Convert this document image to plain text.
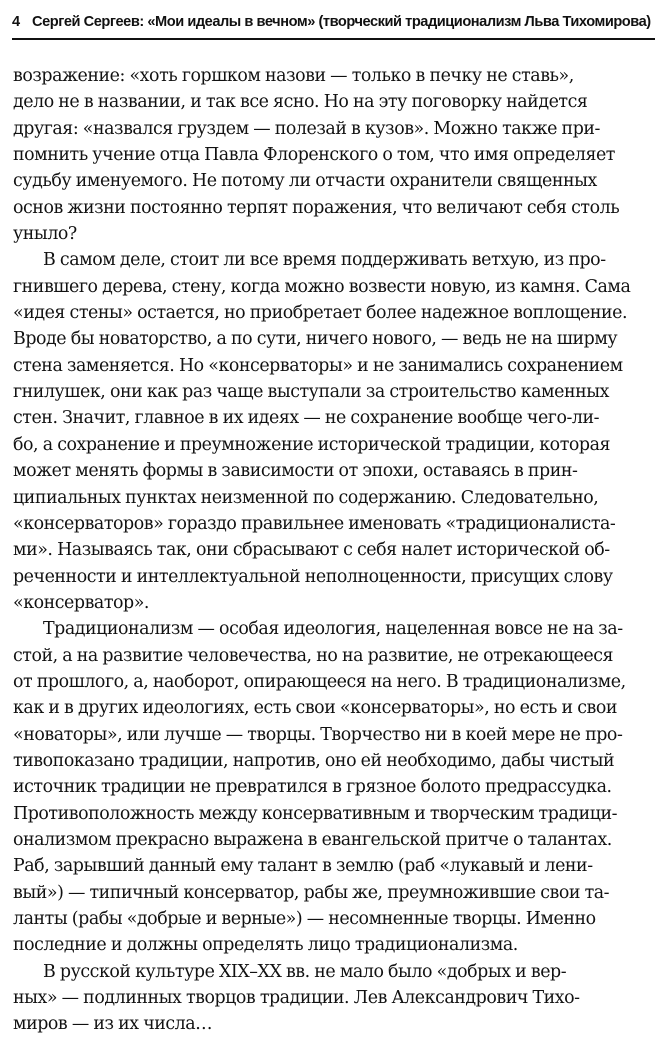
4 Сергей Сергеев: «Мои идеалы в вечном» (творческий традиционализм Льва Тихомирова)
возражение: «хоть горшком назови — только в печку не ставь»,
дело не в названии, и так все ясно. Но на эту поговорку найдется
другая: «назвался груздем — полезай в кузов». Можно также при-
помнить учение отца Павла Флоренского о том, что имя определяет
судьбу именуемого. Не потому ли отчасти охранители священных
основ жизни постоянно терпят поражения, что величают себя столь
уныло?
В самом деле, стоит ли все время поддерживать ветхую, из про-
гнившего дерева, стену, когда можно возвести новую, из камня. Сама
«идея стены» остается, но приобретает более надежное воплощение.
Вроде бы новаторство, а по сути, ничего нового, — ведь не на ширму
стена заменяется. Но «консерваторы» и не занимались сохранением
гнилушек, они как раз чаще выступали за строительство каменных
стен. Значит, главное в их идеях — не сохранение вообще чего-ли-
бо, а сохранение и преумножение исторической традиции, которая
может менять формы в зависимости от эпохи, оставаясь в прин-
ципиальных пунктах неизменной по содержанию. Следовательно,
«консерваторов» гораздо правильнее именовать «традиционалиста-
ми». Называясь так, они сбрасывают с себя налет исторической об-
реченности и интеллектуальной неполноценности, присущих слову
«консерватор».
Традиционализм — особая идеология, нацеленная вовсе не на за-
стой, а на развитие человечества, но на развитие, не отрекающееся
от прошлого, а, наоборот, опирающееся на него. В традиционализме,
как и в других идеологиях, есть свои «консерваторы», но есть и свои
«новаторы», или лучше — творцы. Творчество ни в коей мере не про-
тивопоказано традиции, напротив, оно ей необходимо, дабы чистый
источник традиции не превратился в грязное болото предрассудка.
Противоположность между консервативным и творческим традици-
онализмом прекрасно выражена в евангельской притче о талантах.
Раб, зарывший данный ему талант в землю (раб «лукавый и лени-
вый») — типичный консерватор, рабы же, преумножившие свои та-
ланты (рабы «добрые и верные») — несомненные творцы. Именно
последние и должны определять лицо традиционализма.
В русской культуре XIX–XX вв. не мало было «добрых и вер-
ных» — подлинных творцов традиции. Лев Александрович Тихо-
миров — из их числа…
